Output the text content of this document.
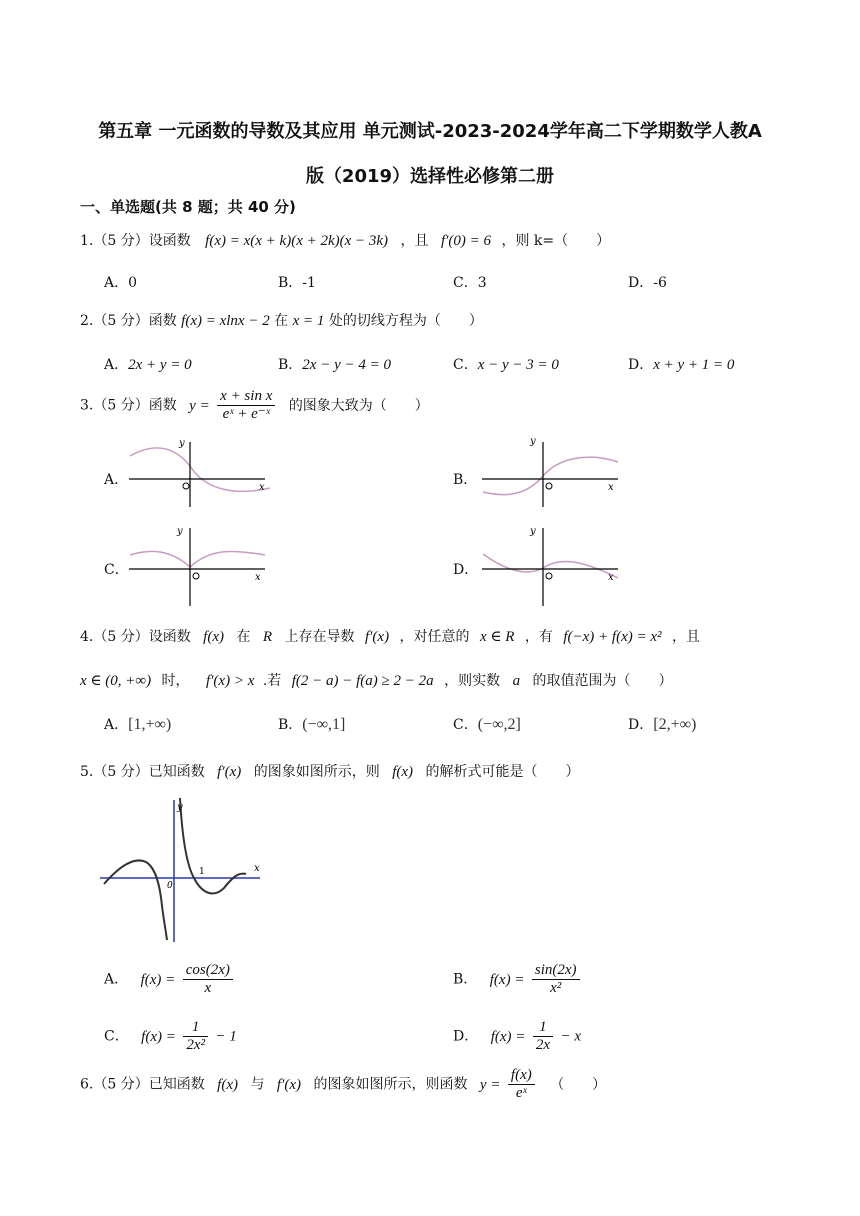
第五章 一元函数的导数及其应用 单元测试-2023-2024学年高二下学期数学人教A
版（2019）选择性必修第二册
一、单选题(共 8 题；共 40 分)
1.（5 分）设函数 f(x) = x(x + k)(x + 2k)(x − 3k) ，且 f′(0) = 6 ，则 k=（　　）
A．0	B．-1	C．3	D．-6
2.（5 分）函数 f(x) = xlnx − 2 在 x = 1 处的切线方程为（　　）
A．2x + y = 0	B．2x − y − 4 = 0	C．x − y − 3 = 0	D．x + y + 1 = 0
3.（5 分）函数 $y = \frac{\text{x + sin x}}{\text{eˣ + e⁻ˣ}}$ 的图象大致为（　　）
A．	x
y
B．	x
y
C．	x
y
D．	x
y
4.（5 分）设函数 f(x) 在 R 上存在导数 f′(x) ，对任意的 x ∈ R ，有 f(−x) + f(x) = x² ，且
x ∈ (0, +∞) 时， f′(x) > x .若 f(2 − a) − f(a) ≥ 2 − 2a ，则实数 a 的取值范围为（　　）
A．[1,+∞)	B．(−∞,1]	C．(−∞,2]	D．[2,+∞)
5.（5 分）已知函数 f′(x) 的图象如图所示，则 f(x) 的解析式可能是（　　）
x
y
0
1
A． $f(x) = \frac{\cos(2x)}{x}$	B． $f(x) = \frac{\sin(2x)}{\text{x²}}$
C． $f(x) = \frac{1}{\text{2x²}} - 1$	D． $f(x) = \frac{1}{2x} - x$
6.（5 分）已知函数 f(x) 与 f′(x) 的图象如图所示，则函数 $y = \frac{f(x)}{\text{eˣ}}$ （　　）
